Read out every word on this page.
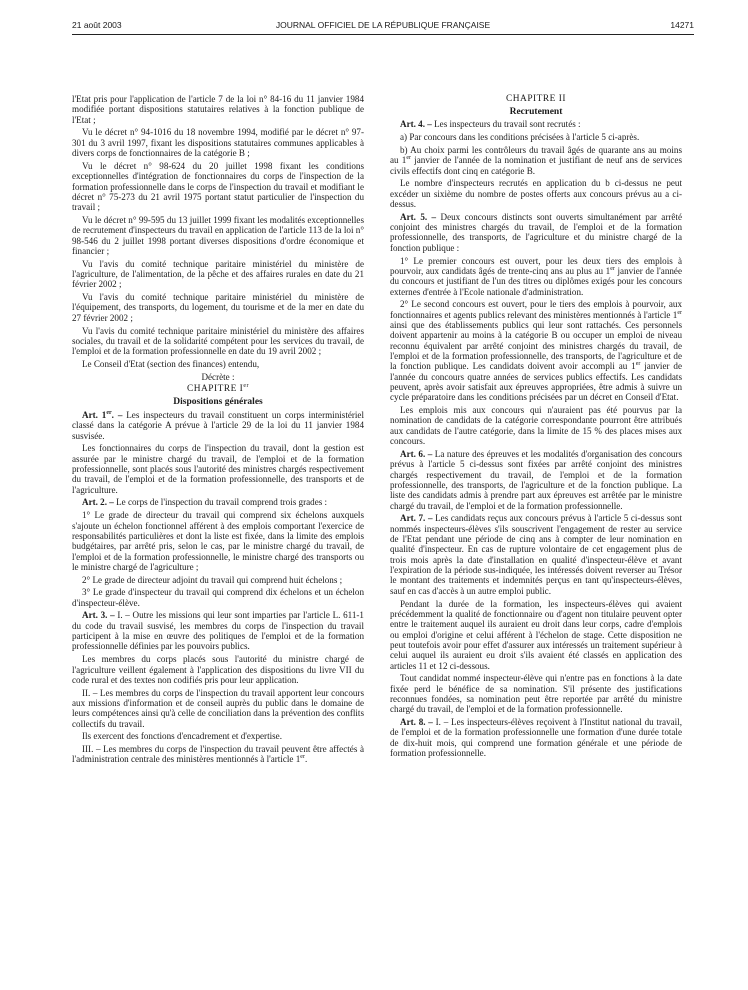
21 août 2003	JOURNAL OFFICIEL DE LA RÉPUBLIQUE FRANÇAISE	14271

l'Etat pris pour l'application de l'article 7 de la loi n° 84-16 du 11 janvier 1984 modifiée portant dispositions statutaires relatives à la fonction publique de l'Etat ;

Vu le décret n° 94-1016 du 18 novembre 1994, modifié par le décret n° 97-301 du 3 avril 1997, fixant les dispositions statutaires communes applicables à divers corps de fonctionnaires de la catégorie B ;

Vu le décret n° 98-624 du 20 juillet 1998 fixant les conditions exceptionnelles d'intégration de fonctionnaires du corps de l'inspection de la formation professionnelle dans le corps de l'inspection du travail et modifiant le décret n° 75-273 du 21 avril 1975 portant statut particulier de l'inspection du travail ;

Vu le décret n° 99-595 du 13 juillet 1999 fixant les modalités exceptionnelles de recrutement d'inspecteurs du travail en application de l'article 113 de la loi n° 98-546 du 2 juillet 1998 portant diverses dispositions d'ordre économique et financier ;

Vu l'avis du comité technique paritaire ministériel du ministère de l'agriculture, de l'alimentation, de la pêche et des affaires rurales en date du 21 février 2002 ;

Vu l'avis du comité technique paritaire ministériel du ministère de l'équipement, des transports, du logement, du tourisme et de la mer en date du 27 février 2002 ;

Vu l'avis du comité technique paritaire ministériel du ministère des affaires sociales, du travail et de la solidarité compétent pour les services du travail, de l'emploi et de la formation professionnelle en date du 19 avril 2002 ;

Le Conseil d'Etat (section des finances) entendu,

Décrète :

CHAPITRE Ier

Dispositions générales

Art. 1er. – Les inspecteurs du travail constituent un corps interministériel classé dans la catégorie A prévue à l'article 29 de la loi du 11 janvier 1984 susvisée.

Les fonctionnaires du corps de l'inspection du travail, dont la gestion est assurée par le ministre chargé du travail, de l'emploi et de la formation professionnelle, sont placés sous l'autorité des ministres chargés respectivement du travail, de l'emploi et de la formation professionnelle, des transports et de l'agriculture.

Art. 2. – Le corps de l'inspection du travail comprend trois grades :

1° Le grade de directeur du travail qui comprend six échelons auxquels s'ajoute un échelon fonctionnel afférent à des emplois comportant l'exercice de responsabilités particulières et dont la liste est fixée, dans la limite des emplois budgétaires, par arrêté pris, selon le cas, par le ministre chargé du travail, de l'emploi et de la formation professionnelle, le ministre chargé des transports ou le ministre chargé de l'agriculture ;

2° Le grade de directeur adjoint du travail qui comprend huit échelons ;

3° Le grade d'inspecteur du travail qui comprend dix échelons et un échelon d'inspecteur-élève.

Art. 3. – I. – Outre les missions qui leur sont imparties par l'article L. 611-1 du code du travail susvisé, les membres du corps de l'inspection du travail participent à la mise en œuvre des politiques de l'emploi et de la formation professionnelle définies par les pouvoirs publics.

Les membres du corps placés sous l'autorité du ministre chargé de l'agriculture veillent également à l'application des dispositions du livre VII du code rural et des textes non codifiés pris pour leur application.

II. – Les membres du corps de l'inspection du travail apportent leur concours aux missions d'information et de conseil auprès du public dans le domaine de leurs compétences ainsi qu'à celle de conciliation dans la prévention des conflits collectifs du travail.

Ils exercent des fonctions d'encadrement et d'expertise.

III. – Les membres du corps de l'inspection du travail peuvent être affectés à l'administration centrale des ministères mentionnés à l'article 1er.

CHAPITRE II

Recrutement

Art. 4. – Les inspecteurs du travail sont recrutés :

a) Par concours dans les conditions précisées à l'article 5 ci-après.

b) Au choix parmi les contrôleurs du travail âgés de quarante ans au moins au 1er janvier de l'année de la nomination et justifiant de neuf ans de services civils effectifs dont cinq en catégorie B.

Le nombre d'inspecteurs recrutés en application du b ci-dessus ne peut excéder un sixième du nombre de postes offerts aux concours prévus au a ci-dessus.

Art. 5. – Deux concours distincts sont ouverts simultanément par arrêté conjoint des ministres chargés du travail, de l'emploi et de la formation professionnelle, des transports, de l'agriculture et du ministre chargé de la fonction publique :

1° Le premier concours est ouvert, pour les deux tiers des emplois à pourvoir, aux candidats âgés de trente-cinq ans au plus au 1er janvier de l'année du concours et justifiant de l'un des titres ou diplômes exigés pour les concours externes d'entrée à l'Ecole nationale d'administration.

2° Le second concours est ouvert, pour le tiers des emplois à pourvoir, aux fonctionnaires et agents publics relevant des ministères mentionnés à l'article 1er ainsi que des établissements publics qui leur sont rattachés. Ces personnels doivent appartenir au moins à la catégorie B ou occuper un emploi de niveau reconnu équivalent par arrêté conjoint des ministres chargés du travail, de l'emploi et de la formation professionnelle, des transports, de l'agriculture et de la fonction publique. Les candidats doivent avoir accompli au 1er janvier de l'année du concours quatre années de services publics effectifs. Les candidats peuvent, après avoir satisfait aux épreuves appropriées, être admis à suivre un cycle préparatoire dans les conditions précisées par un décret en Conseil d'Etat.

Les emplois mis aux concours qui n'auraient pas été pourvus par la nomination de candidats de la catégorie correspondante pourront être attribués aux candidats de l'autre catégorie, dans la limite de 15 % des places mises aux concours.

Art. 6. – La nature des épreuves et les modalités d'organisation des concours prévus à l'article 5 ci-dessus sont fixées par arrêté conjoint des ministres chargés respectivement du travail, de l'emploi et de la formation professionnelle, des transports, de l'agriculture et de la fonction publique. La liste des candidats admis à prendre part aux épreuves est arrêtée par le ministre chargé du travail, de l'emploi et de la formation professionnelle.

Art. 7. – Les candidats reçus aux concours prévus à l'article 5 ci-dessus sont nommés inspecteurs-élèves s'ils souscrivent l'engagement de rester au service de l'Etat pendant une période de cinq ans à compter de leur nomination en qualité d'inspecteur. En cas de rupture volontaire de cet engagement plus de trois mois après la date d'installation en qualité d'inspecteur-élève et avant l'expiration de la période sus-indiquée, les intéressés doivent reverser au Trésor le montant des traitements et indemnités perçus en tant qu'inspecteurs-élèves, sauf en cas d'accès à un autre emploi public.

Pendant la durée de la formation, les inspecteurs-élèves qui avaient précédemment la qualité de fonctionnaire ou d'agent non titulaire peuvent opter entre le traitement auquel ils auraient eu droit dans leur corps, cadre d'emplois ou emploi d'origine et celui afférent à l'échelon de stage. Cette disposition ne peut toutefois avoir pour effet d'assurer aux intéressés un traitement supérieur à celui auquel ils auraient eu droit s'ils avaient été classés en application des articles 11 et 12 ci-dessous.

Tout candidat nommé inspecteur-élève qui n'entre pas en fonctions à la date fixée perd le bénéfice de sa nomination. S'il présente des justifications reconnues fondées, sa nomination peut être reportée par arrêté du ministre chargé du travail, de l'emploi et de la formation professionnelle.

Art. 8. – I. – Les inspecteurs-élèves reçoivent à l'Institut national du travail, de l'emploi et de la formation professionnelle une formation d'une durée totale de dix-huit mois, qui comprend une formation générale et une période de formation professionnelle.
